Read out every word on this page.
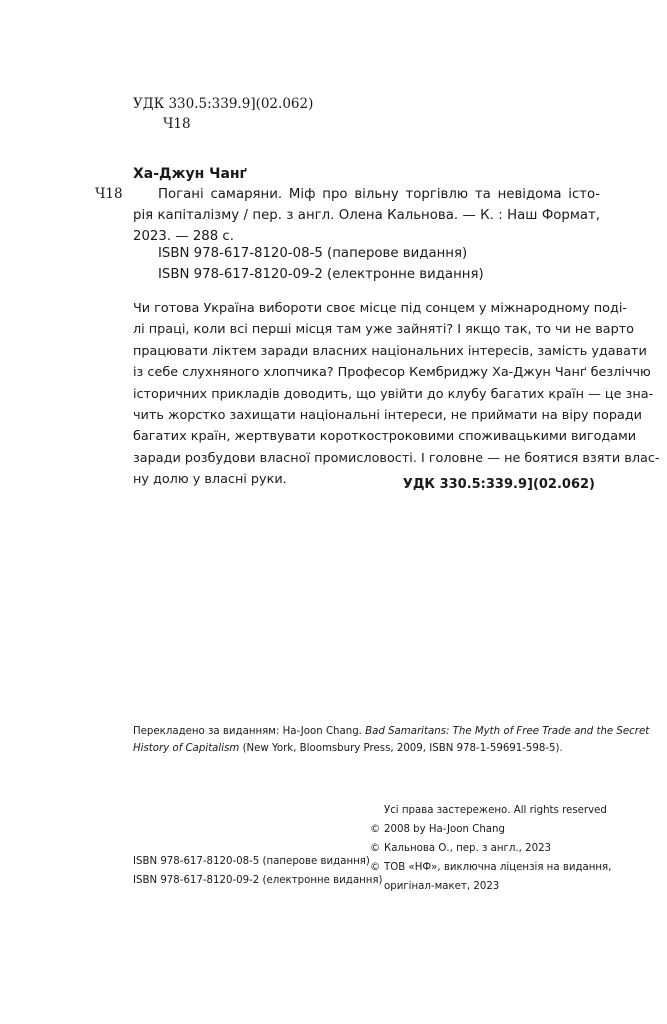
УДК 330.5:339.9](02.062)

Ч18

Ха-Джун Чанґ

Ч18	Погані самаряни. Міф про вільну торгівлю та невідома істо-
рія капіталізму / пер. з англ. Олена Кальнова. — К. : Наш Формат,
2023. — 288 с.

ISBN 978-617-8120-08-5 (паперове видання)

ISBN 978-617-8120-09-2 (електронне видання)

Чи готова Україна виборoти своє місце під сонцем у міжнародному поді-
лі праці, коли всі перші місця там уже зайняті? І якщо так, то чи не варто
працювати ліктем заради власних національних інтересів, замість удавати
із себе слухняного хлопчика? Професор Кембриджу Ха-Джун Чанґ безліччю
історичних прикладів доводить, що увійти до клубу багатих країн — це зна-
чить жорстко захищати національні інтереси, не приймати на віру поради
багатих країн, жертвувати короткостроковими споживацькими вигодами
заради розбудови власної промисловості. І головне — не боятися взяти влас-
ну долю у власні руки.	УДК 330.5:339.9](02.062)

Перекладено за виданням: Ha-Joon Chang. Bad Samaritans: The Myth of Free Trade and the Secret
History of Capitalism (New York, Bloomsbury Press, 2009, ISBN 978-1-59691-598-5).
Усі права застережено. All rights reserved
© 2008 by Ha-Joon Chang
© Кальнова О., пер. з англ., 2023
© ТОВ «НФ», виключна ліцензія на видання,
оригінал-макет, 2023
ISBN 978-617-8120-08-5 (паперове видання)
ISBN 978-617-8120-09-2 (електронне видання)
